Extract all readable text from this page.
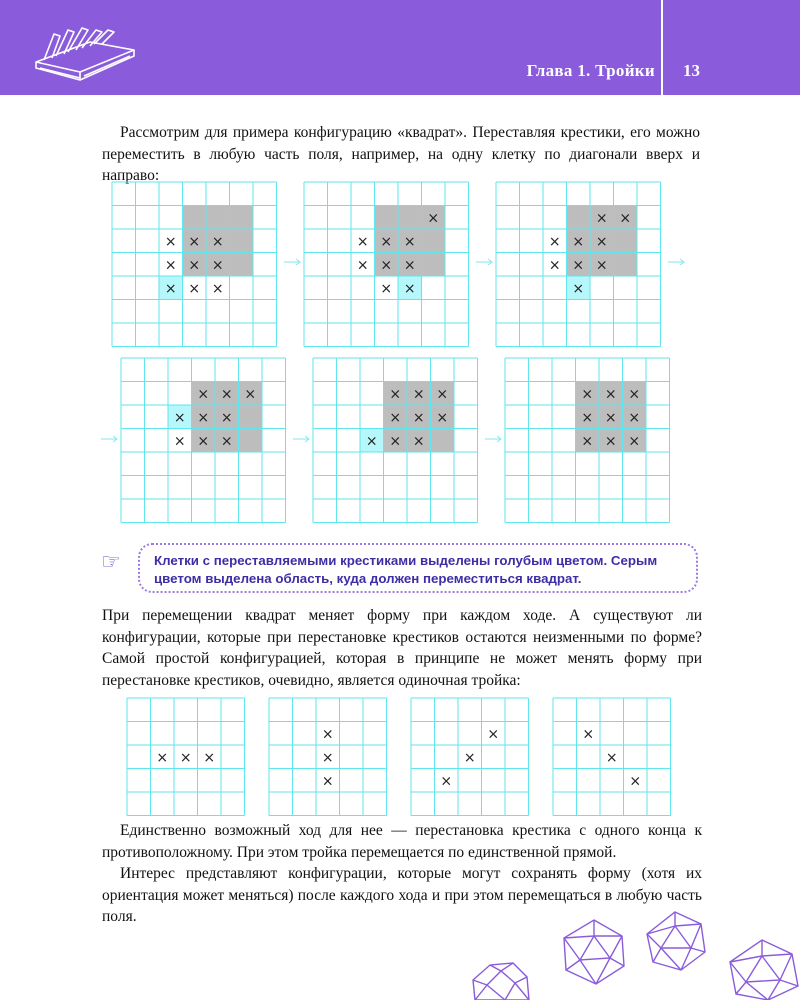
Глава 1. Тройки 13

Рассмотрим для примера конфигурацию «квадрат». Переставляя крестики, его можно переместить в любую часть поля, например, на одну клетку по диагонали вверх и направо:

× × ×
× × ×
× × ×
×
× × ×
× × ×
× ×
× ×
× × ×
× × ×
×
× × ×
× × ×
× × ×
× × ×
× × ×
× × ×
× × ×
× × ×
× × ×
☞	Клетки с переставляемыми крестиками выделены голубым цветом. Серым цветом выделена область, куда должен переместиться квадрат.

При перемещении квадрат меняет форму при каждом ходе. А существуют ли конфигурации, которые при перестановке крестиков остаются неизменными по форме? Самой простой конфигурацией, которая в принципе не может менять форму при перестановке крестиков, очевидно, является одиночная тройка:

× × ×
×
×
×
×
×
×
×
×
×

Единственно возможный ход для нее — перестановка крестика с одного конца к противоположному. При этом тройка перемещается по единственной прямой.

Интерес представляют конфигурации, которые могут сохранять форму (хотя их ориентация может меняться) после каждого хода и при этом перемещаться в любую часть поля.
